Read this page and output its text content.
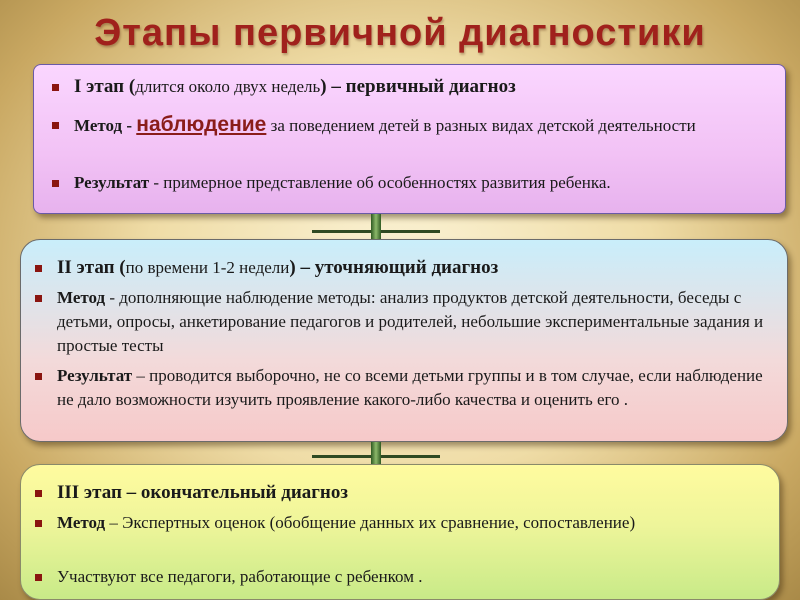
Этапы первичной диагностики
I этап (длится около двух недель) – первичный диагноз
Метод - наблюдение за поведением детей в разных видах детской деятельности
Результат - примерное представление об особенностях развития ребенка.
II этап (по времени 1-2 недели) – уточняющий диагноз
Метод - дополняющие наблюдение методы: анализ продуктов детской деятельности, беседы с детьми, опросы, анкетирование педагогов и родителей, небольшие экспериментальные задания и простые тесты
Результат – проводится выборочно, не со всеми детьми группы и в том случае, если наблюдение не дало возможности изучить проявление какого-либо качества и оценить его .
III этап – окончательный диагноз
Метод – Экспертных оценок (обобщение данных их сравнение, сопоставление)
Участвуют все педагоги, работающие с ребенком .
